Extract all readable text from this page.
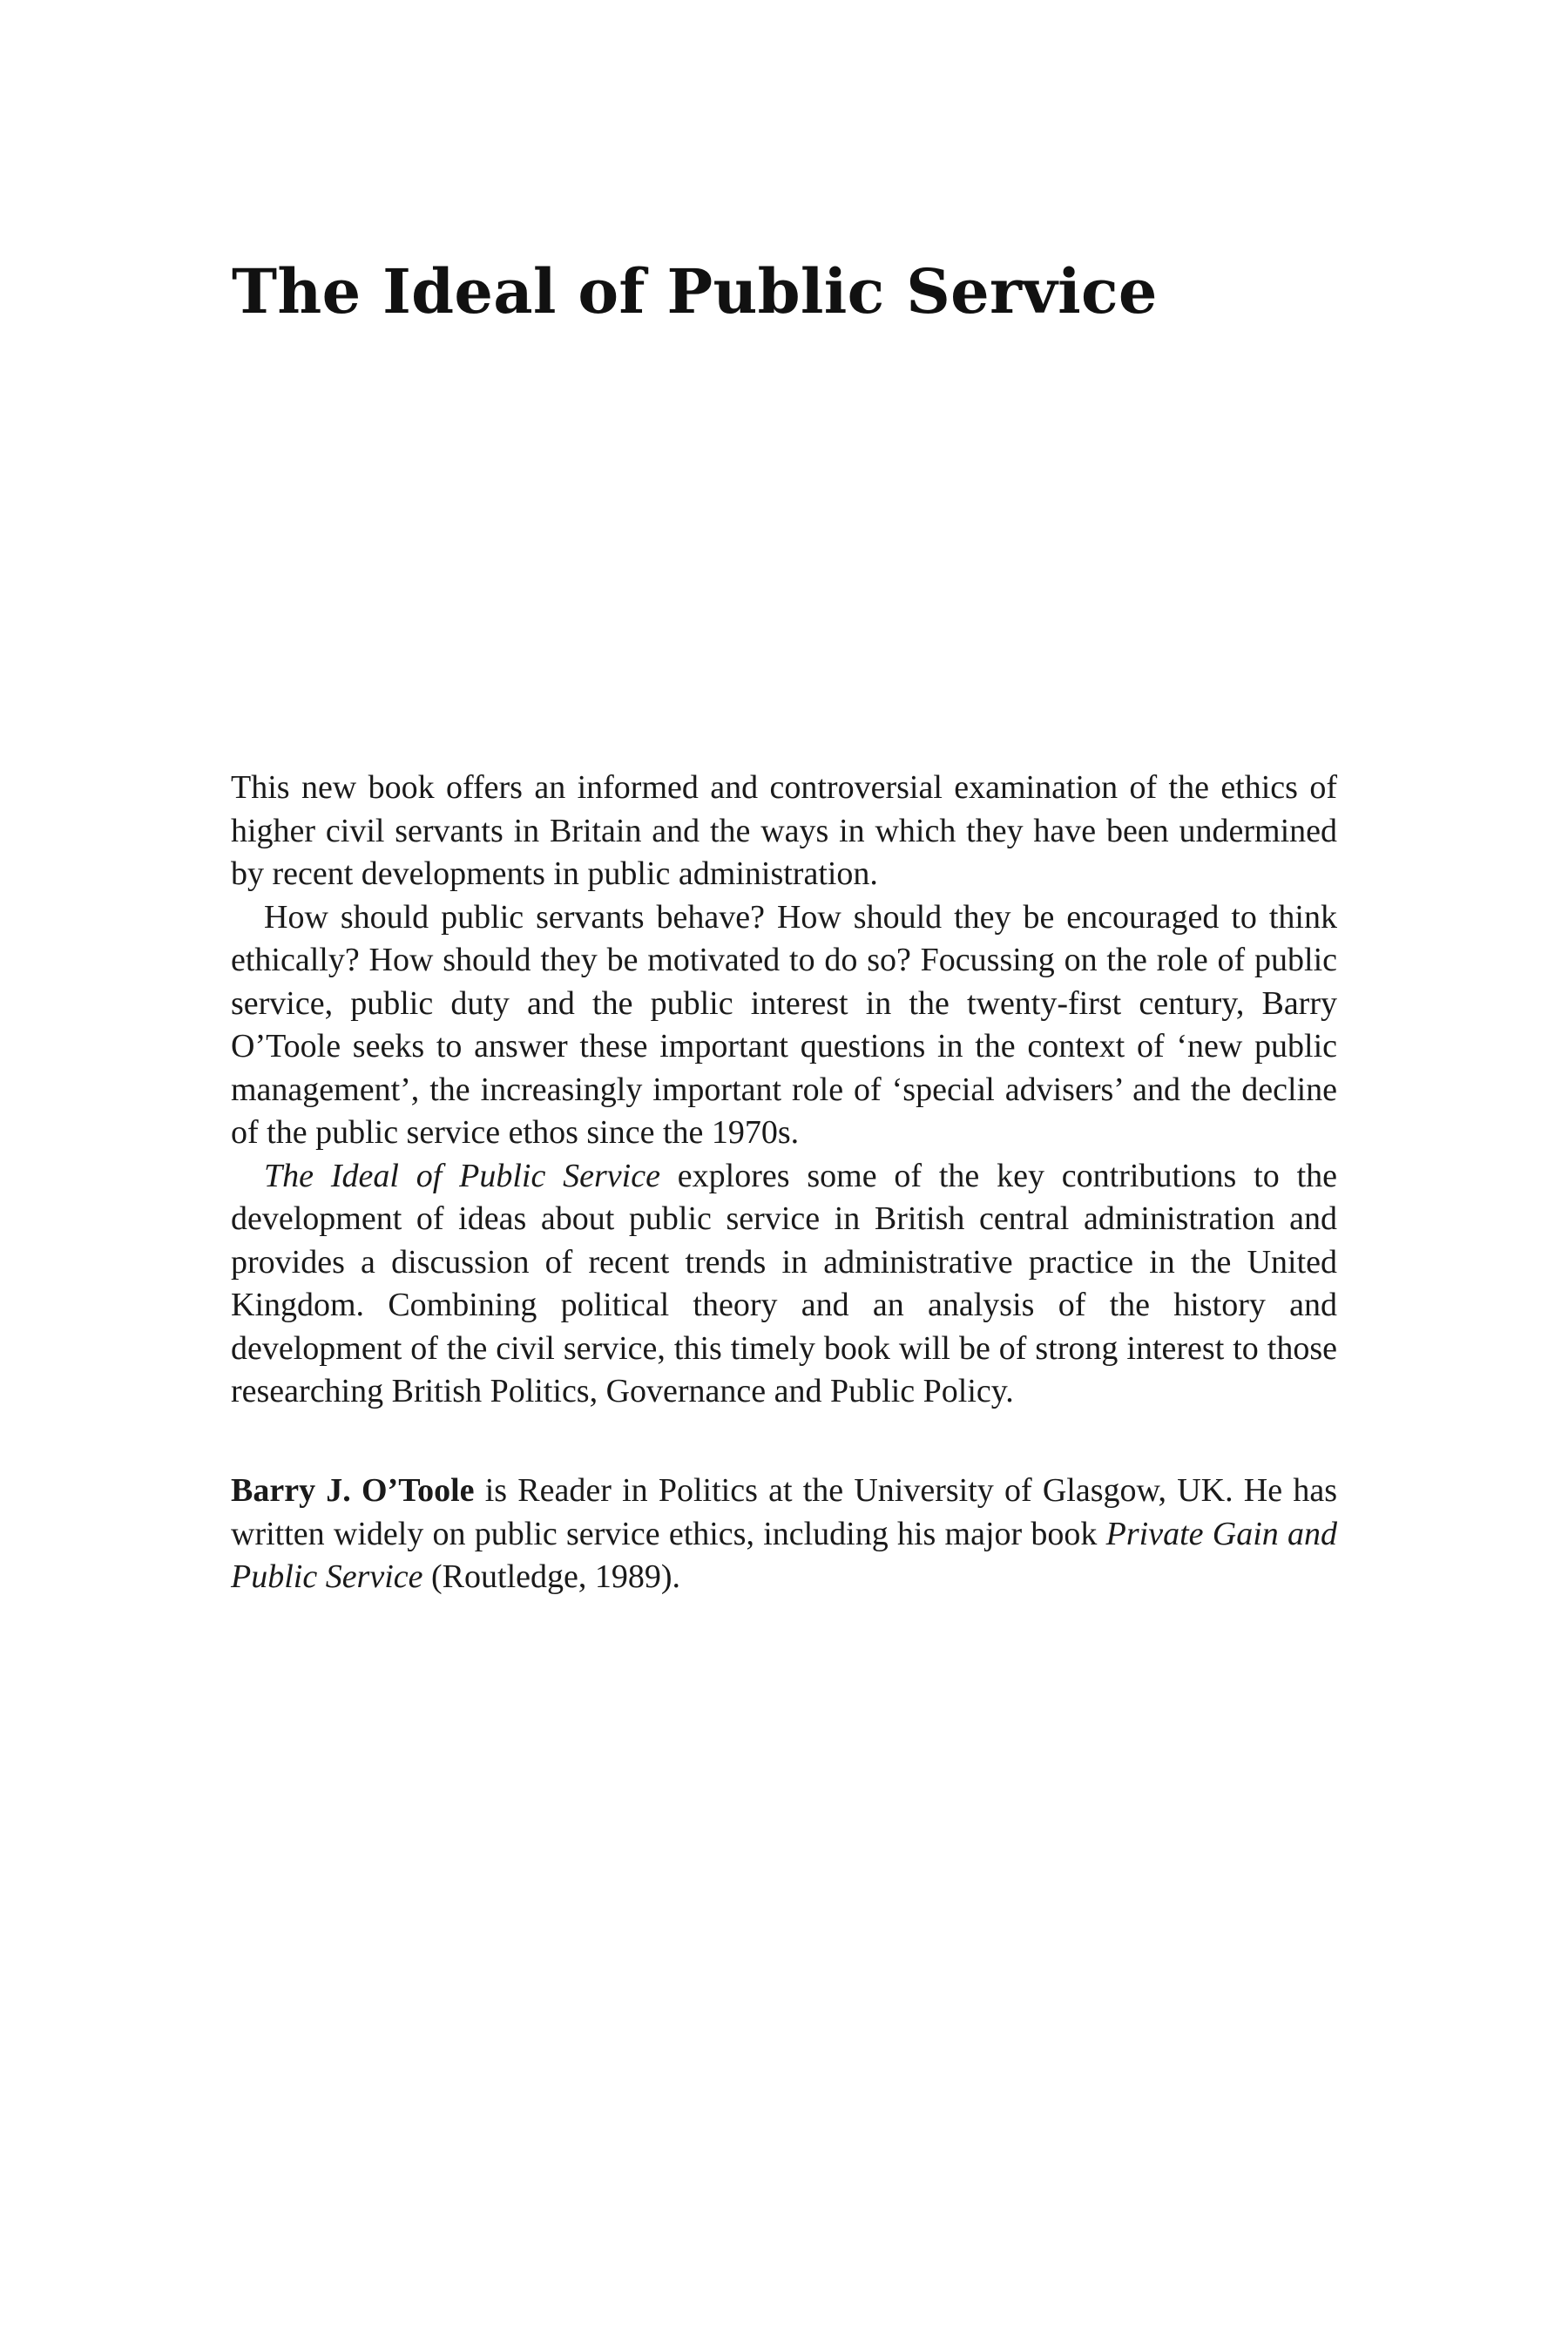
The Ideal of Public Service

This new book offers an informed and controversial examination of the ethics of higher civil servants in Britain and the ways in which they have been undermined by recent developments in public administration.

How should public servants behave? How should they be encouraged to think ethically? How should they be motivated to do so? Focussing on the role of public service, public duty and the public interest in the twenty-first century, Barry O’Toole seeks to answer these important questions in the context of ‘new public management’, the increasingly important role of ‘special advisers’ and the decline of the public service ethos since the 1970s.

The Ideal of Public Service explores some of the key contributions to the development of ideas about public service in British central administration and provides a discussion of recent trends in administrative practice in the United Kingdom. Combining political theory and an analysis of the history and development of the civil service, this timely book will be of strong interest to those researching British Politics, Governance and Public Policy.

Barry J. O’Toole is Reader in Politics at the University of Glasgow, UK. He has written widely on public service ethics, including his major book Private Gain and Public Service (Routledge, 1989).
